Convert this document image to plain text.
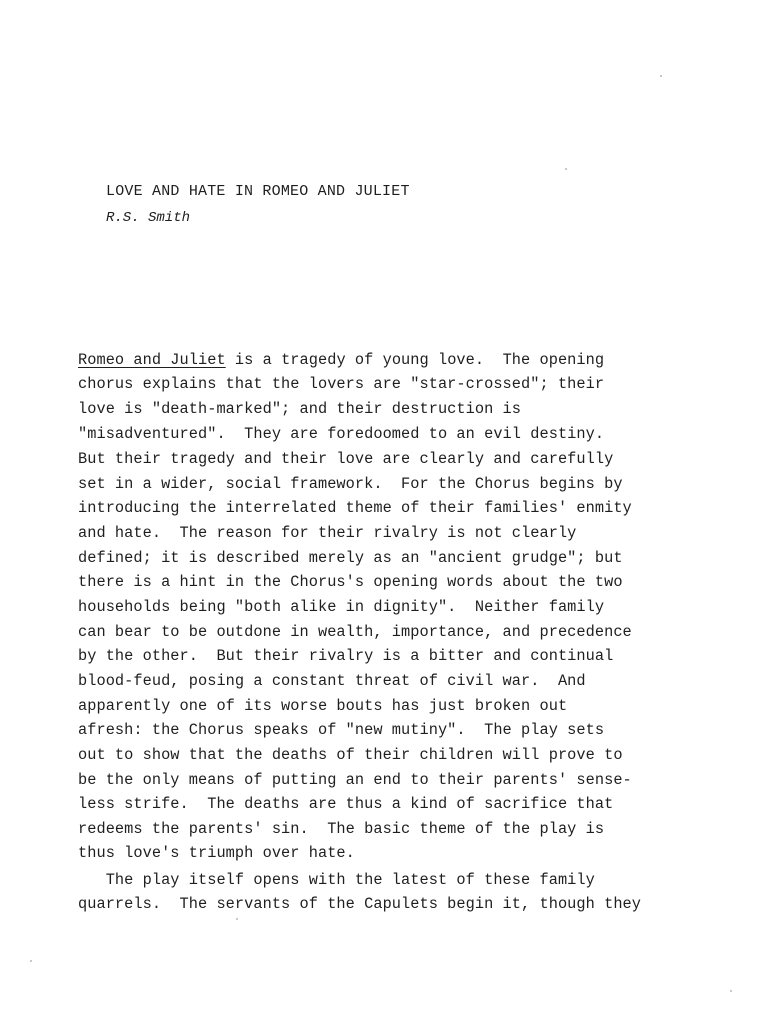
LOVE AND HATE IN ROMEO AND JULIET
R.S. Smith
Romeo and Juliet is a tragedy of young love.  The opening
chorus explains that the lovers are "star-crossed"; their
love is "death-marked"; and their destruction is
"misadventured".  They are foredoomed to an evil destiny.
But their tragedy and their love are clearly and carefully
set in a wider, social framework.  For the Chorus begins by
introducing the interrelated theme of their families' enmity
and hate.  The reason for their rivalry is not clearly
defined; it is described merely as an "ancient grudge"; but
there is a hint in the Chorus's opening words about the two
households being "both alike in dignity".  Neither family
can bear to be outdone in wealth, importance, and precedence
by the other.  But their rivalry is a bitter and continual
blood-feud, posing a constant threat of civil war.  And
apparently one of its worse bouts has just broken out
afresh: the Chorus speaks of "new mutiny".  The play sets
out to show that the deaths of their children will prove to
be the only means of putting an end to their parents' sense-
less strife.  The deaths are thus a kind of sacrifice that
redeems the parents' sin.  The basic theme of the play is
thus love's triumph over hate.
The play itself opens with the latest of these family
quarrels.  The servants of the Capulets begin it, though they
